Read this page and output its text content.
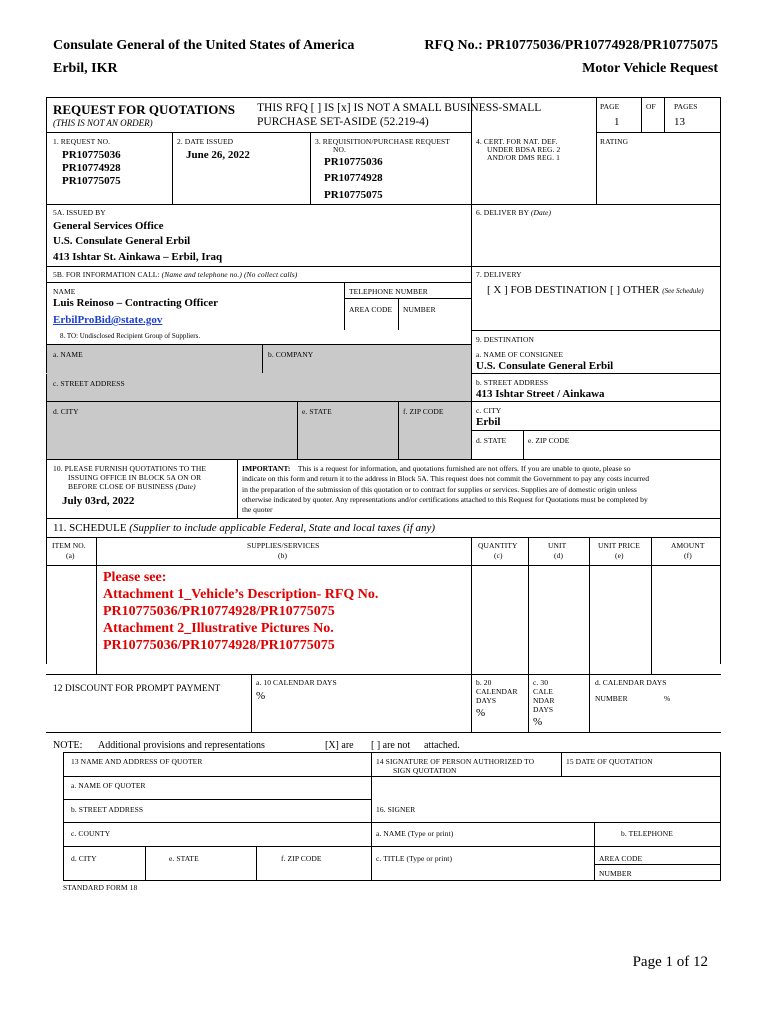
Consulate General of the United States of America
Erbil, IKR
RFQ No.: PR10775036/PR10774928/PR10775075
Motor Vehicle Request
REQUEST FOR QUOTATIONS
(THIS IS NOT AN ORDER)
THIS RFQ [ ] IS [x] IS NOT A SMALL BUSINESS-SMALL
PURCHASE SET-ASIDE (52.219-4)
PAGE	OF PAGES
1	13
1. REQUEST NO.
PR10775036
PR10774928
PR10775075
2. DATE ISSUED
June 26, 2022
3. REQUISITION/PURCHASE REQUEST
NO.
PR10775036
PR10774928
PR10775075
4. CERT. FOR NAT. DEF.
UNDER BDSA REG. 2
AND/OR DMS REG. 1
RATING
5A. ISSUED BY
General Services Office
U.S. Consulate General Erbil
413 Ishtar St. Ainkawa – Erbil, Iraq
6. DELIVER BY (Date)
5B. FOR INFORMATION CALL: (Name and telephone no.) (No collect calls)
NAME	TELEPHONE NUMBER
AREA CODE NUMBER
Luis Reinoso – Contracting Officer
ErbilProBid@state.gov
7. DELIVERY
[ X ] FOB DESTINATION [ ] OTHER (See Schedule)
8. TO: Undisclosed Recipient Group of Suppliers.
a. NAME	b. COMPANY
c. STREET ADDRESS
d. CITY	e. STATE	f. ZIP CODE
9. DESTINATION
a. NAME OF CONSIGNEE
U.S. Consulate General Erbil
b. STREET ADDRESS
413 Ishtar Street / Ainkawa
c. CITY
Erbil
d. STATE	e. ZIP CODE
10. PLEASE FURNISH QUOTATIONS TO THE
ISSUING OFFICE IN BLOCK 5A ON OR
BEFORE CLOSE OF BUSINESS (Date)
July 03rd, 2022
IMPORTANT: This is a request for information, and quotations furnished are not offers. If you are unable to quote, please so
indicate on this form and return it to the address in Block 5A. This request does not commit the Government to pay any costs incurred
in the preparation of the submission of this quotation or to contract for supplies or services. Supplies are of domestic origin unless
otherwise indicated by quoter. Any representations and/or certifications attached to this Request for Quotations must be completed by
the quoter
11. SCHEDULE (Supplier to include applicable Federal, State and local taxes (if any)
ITEM NO.
(a)
SUPPLIES/SERVICES
(b)
QUANTITY
(c)
UNIT
(d)
UNIT PRICE
(e)
AMOUNT
(f)
Please see:
Attachment 1_Vehicle’s Description- RFQ No.
PR10775036/PR10774928/PR10775075
Attachment 2_Illustrative Pictures No.
PR10775036/PR10774928/PR10775075
12 DISCOUNT FOR PROMPT PAYMENT
a. 10 CALENDAR DAYS
%
b. 20
CALENDAR
DAYS
%
c. 30
CALE
NDAR
DAYS
%
d. CALENDAR DAYS
NUMBER	%
NOTE: Additional provisions and representations	[X] are [ ] are not attached.
13 NAME AND ADDRESS OF QUOTER	14 SIGNATURE OF PERSON AUTHORIZED TO
SIGN QUOTATION
15 DATE OF QUOTATION
a. NAME OF QUOTER
b. STREET ADDRESS	16. SIGNER
c. COUNTY	a. NAME (Type or print)	b. TELEPHONE
d. CITY	e. STATE	f. ZIP CODE	c. TITLE (Type or print)	AREA CODE
NUMBER
STANDARD FORM 18
Page 1 of 12
